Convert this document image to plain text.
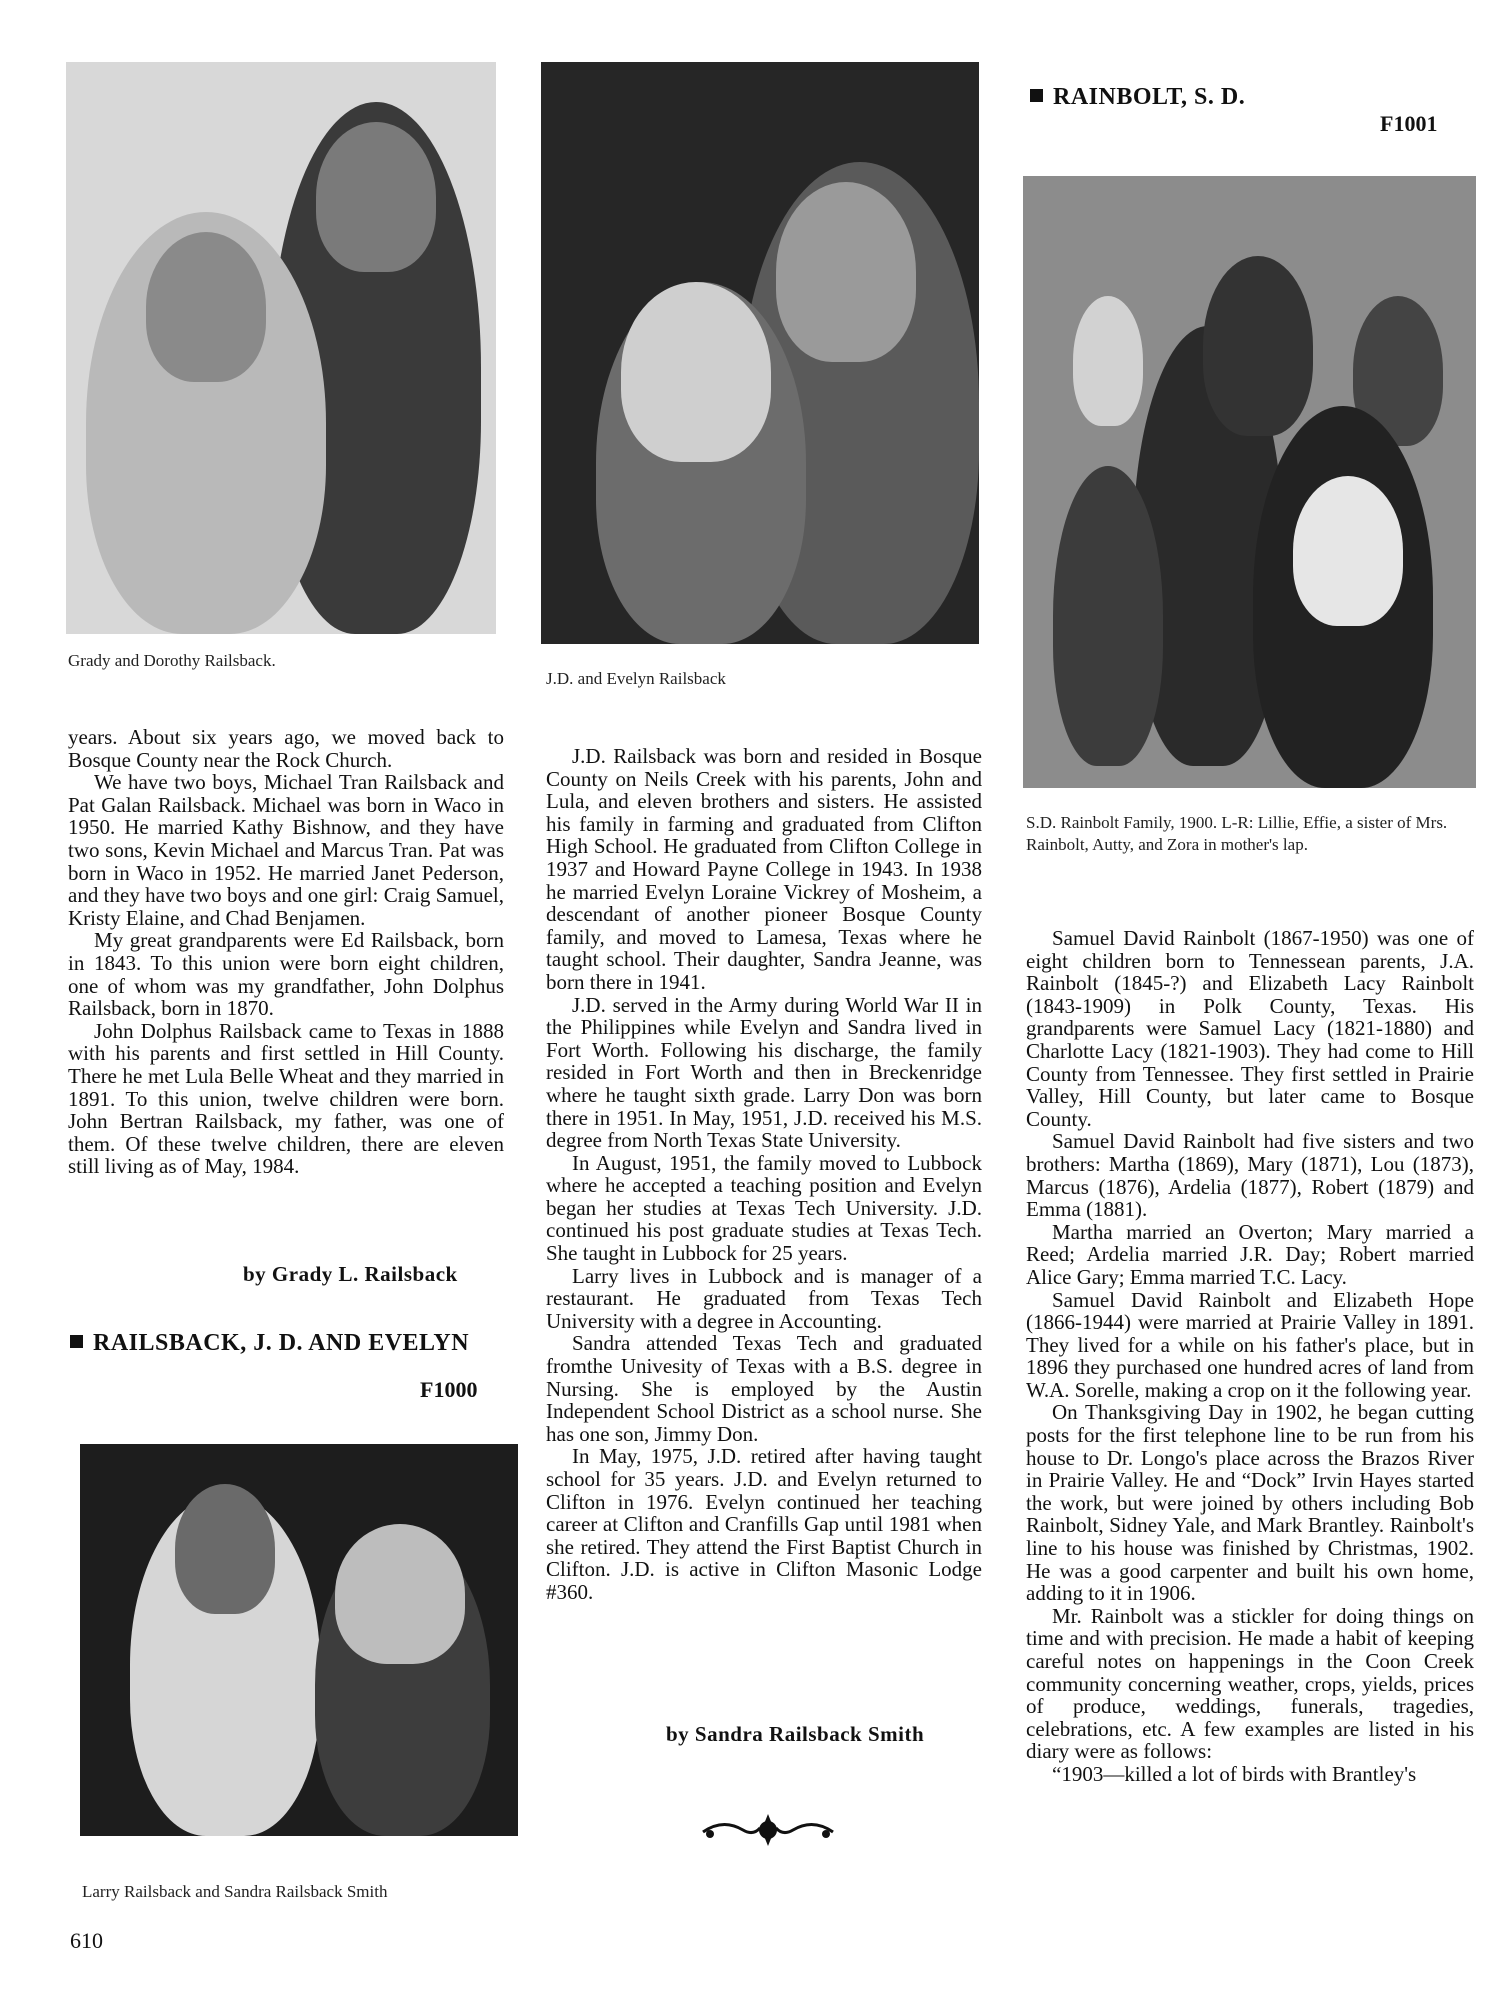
Grady and Dorothy Railsback.
J.D. and Evelyn Railsback
RAINBOLT, S. D.
F1001
S.D. Rainbolt Family, 1900. L-R: Lillie, Effie, a sister of Mrs. Rainbolt, Autty, and Zora in mother's lap.

years. About six years ago, we moved back to Bosque County near the Rock Church.

We have two boys, Michael Tran Railsback and Pat Galan Railsback. Michael was born in Waco in 1950. He married Kathy Bishnow, and they have two sons, Kevin Michael and Marcus Tran. Pat was born in Waco in 1952. He married Janet Pederson, and they have two boys and one girl: Craig Samuel, Kristy Elaine, and Chad Benjamen.

My great grandparents were Ed Railsback, born in 1843. To this union were born eight children, one of whom was my grandfather, John Dolphus Railsback, born in 1870.

John Dolphus Railsback came to Texas in 1888 with his parents and first settled in Hill County. There he met Lula Belle Wheat and they married in 1891. To this union, twelve children were born. John Bertran Railsback, my father, was one of them. Of these twelve children, there are eleven still living as of May, 1984.

by Grady L. Railsback
RAILSBACK, J. D. AND EVELYN
F1000
Larry Railsback and Sandra Railsback Smith
610

J.D. Railsback was born and resided in Bosque County on Neils Creek with his parents, John and Lula, and eleven brothers and sisters. He assisted his family in farming and graduated from Clifton High School. He graduated from Clifton College in 1937 and Howard Payne College in 1943. In 1938 he married Evelyn Loraine Vickrey of Mosheim, a descendant of another pioneer Bosque County family, and moved to Lamesa, Texas where he taught school. Their daughter, Sandra Jeanne, was born there in 1941.

J.D. served in the Army during World War II in the Philippines while Evelyn and Sandra lived in Fort Worth. Following his discharge, the family resided in Fort Worth and then in Breckenridge where he taught sixth grade. Larry Don was born there in 1951. In May, 1951, J.D. received his M.S. degree from North Texas State University.

In August, 1951, the family moved to Lubbock where he accepted a teaching position and Evelyn began her studies at Texas Tech University. J.D. continued his post graduate studies at Texas Tech. She taught in Lubbock for 25 years.

Larry lives in Lubbock and is manager of a restaurant. He graduated from Texas Tech University with a degree in Accounting.

Sandra attended Texas Tech and graduated fromthe Univesity of Texas with a B.S. degree in Nursing. She is employed by the Austin Independent School District as a school nurse. She has one son, Jimmy Don.

In May, 1975, J.D. retired after having taught school for 35 years. J.D. and Evelyn returned to Clifton in 1976. Evelyn continued her teaching career at Clifton and Cranfills Gap until 1981 when she retired. They attend the First Baptist Church in Clifton. J.D. is active in Clifton Masonic Lodge #360.

by Sandra Railsback Smith

Samuel David Rainbolt (1867-1950) was one of eight children born to Tennessean parents, J.A. Rainbolt (1845-?) and Elizabeth Lacy Rainbolt (1843-1909) in Polk County, Texas. His grandparents were Samuel Lacy (1821-1880) and Charlotte Lacy (1821-1903). They had come to Hill County from Tennessee. They first settled in Prairie Valley, Hill County, but later came to Bosque County.

Samuel David Rainbolt had five sisters and two brothers: Martha (1869), Mary (1871), Lou (1873), Marcus (1876), Ardelia (1877), Robert (1879) and Emma (1881).

Martha married an Overton; Mary married a Reed; Ardelia married J.R. Day; Robert married Alice Gary; Emma married T.C. Lacy.

Samuel David Rainbolt and Elizabeth Hope (1866-1944) were married at Prairie Valley in 1891. They lived for a while on his father's place, but in 1896 they purchased one hundred acres of land from W.A. Sorelle, making a crop on it the following year.

On Thanksgiving Day in 1902, he began cutting posts for the first telephone line to be run from his house to Dr. Longo's place across the Brazos River in Prairie Valley. He and “Dock” Irvin Hayes started the work, but were joined by others including Bob Rainbolt, Sidney Yale, and Mark Brantley. Rainbolt's line to his house was finished by Christmas, 1902. He was a good carpenter and built his own home, adding to it in 1906.

Mr. Rainbolt was a stickler for doing things on time and with precision. He made a habit of keeping careful notes on happenings in the Coon Creek community concerning weather, crops, yields, prices of produce, weddings, funerals, tragedies, celebrations, etc. A few examples are listed in his diary were as follows:

“1903—killed a lot of birds with Brantley's
